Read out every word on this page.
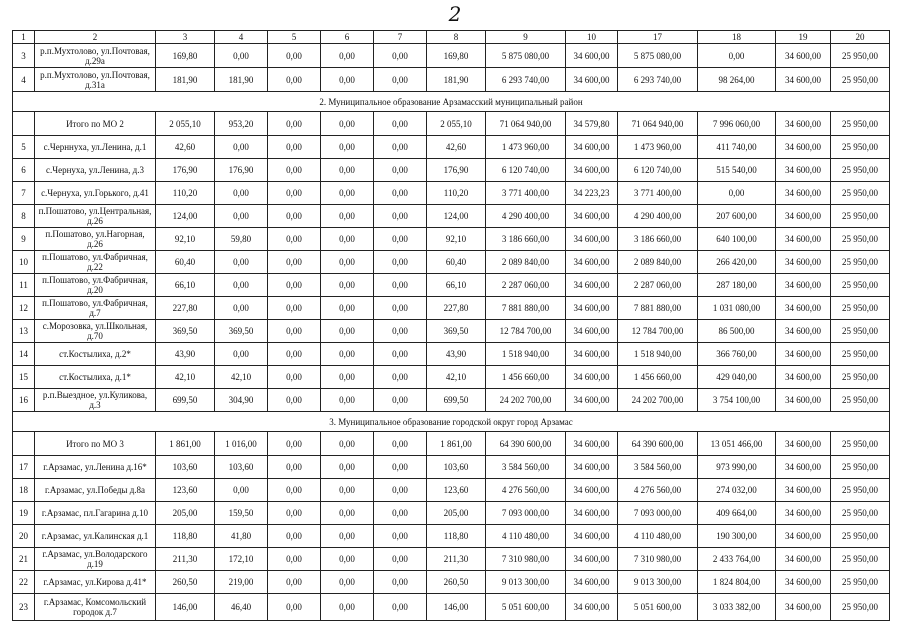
2
1	2	3	4	5	6	7	8	9	10	17	18	19	20
3	р.п.Мухтолово, ул.Почтовая, д.29а	169,80	0,00	0,00	0,00	0,00	169,80	5 875 080,00	34 600,00	5 875 080,00	0,00	34 600,00	25 950,00
4	р.п.Мухтолово, ул.Почтовая, д.31а	181,90	181,90	0,00	0,00	0,00	181,90	6 293 740,00	34 600,00	6 293 740,00	98 264,00	34 600,00	25 950,00
2. Муниципальное образование Арзамасский муниципальный район													
	Итого по МО 2	2 055,10	953,20	0,00	0,00	0,00	2 055,10	71 064 940,00	34 579,80	71 064 940,00	7 996 060,00	34 600,00	25 950,00
5	с.Черннуха, ул.Ленина, д.1	42,60	0,00	0,00	0,00	0,00	42,60	1 473 960,00	34 600,00	1 473 960,00	411 740,00	34 600,00	25 950,00
6	с.Чернуха, ул.Ленина, д.3	176,90	176,90	0,00	0,00	0,00	176,90	6 120 740,00	34 600,00	6 120 740,00	515 540,00	34 600,00	25 950,00
7	с.Чернуха, ул.Горького, д.41	110,20	0,00	0,00	0,00	0,00	110,20	3 771 400,00	34 223,23	3 771 400,00	0,00	34 600,00	25 950,00
8	п.Пошатово, ул.Центральная, д.26	124,00	0,00	0,00	0,00	0,00	124,00	4 290 400,00	34 600,00	4 290 400,00	207 600,00	34 600,00	25 950,00
9	п.Пошатово, ул.Нагорная, д.26	92,10	59,80	0,00	0,00	0,00	92,10	3 186 660,00	34 600,00	3 186 660,00	640 100,00	34 600,00	25 950,00
10	п.Пошатово, ул.Фабричная, д.22	60,40	0,00	0,00	0,00	0,00	60,40	2 089 840,00	34 600,00	2 089 840,00	266 420,00	34 600,00	25 950,00
11	п.Пошатово, ул.Фабричная, д.20	66,10	0,00	0,00	0,00	0,00	66,10	2 287 060,00	34 600,00	2 287 060,00	287 180,00	34 600,00	25 950,00
12	п.Пошатово, ул.Фабричная, д.7	227,80	0,00	0,00	0,00	0,00	227,80	7 881 880,00	34 600,00	7 881 880,00	1 031 080,00	34 600,00	25 950,00
13	с.Морозовка, ул.Школьная, д.70	369,50	369,50	0,00	0,00	0,00	369,50	12 784 700,00	34 600,00	12 784 700,00	86 500,00	34 600,00	25 950,00
14	ст.Костылиха, д.2*	43,90	0,00	0,00	0,00	0,00	43,90	1 518 940,00	34 600,00	1 518 940,00	366 760,00	34 600,00	25 950,00
15	ст.Костылиха, д.1*	42,10	42,10	0,00	0,00	0,00	42,10	1 456 660,00	34 600,00	1 456 660,00	429 040,00	34 600,00	25 950,00
16	р.п.Выездное, ул.Куликова, д.3	699,50	304,90	0,00	0,00	0,00	699,50	24 202 700,00	34 600,00	24 202 700,00	3 754 100,00	34 600,00	25 950,00
3. Муниципальное образование городской округ город Арзамас													
	Итого по МО 3	1 861,00	1 016,00	0,00	0,00	0,00	1 861,00	64 390 600,00	34 600,00	64 390 600,00	13 051 466,00	34 600,00	25 950,00
17	г.Арзамас, ул.Ленина д.16*	103,60	103,60	0,00	0,00	0,00	103,60	3 584 560,00	34 600,00	3 584 560,00	973 990,00	34 600,00	25 950,00
18	г.Арзамас, ул.Победы д.8а	123,60	0,00	0,00	0,00	0,00	123,60	4 276 560,00	34 600,00	4 276 560,00	274 032,00	34 600,00	25 950,00
19	г.Арзамас, пл.Гагарина д.10	205,00	159,50	0,00	0,00	0,00	205,00	7 093 000,00	34 600,00	7 093 000,00	409 664,00	34 600,00	25 950,00
20	г.Арзамас, ул.Калинская д.1	118,80	41,80	0,00	0,00	0,00	118,80	4 110 480,00	34 600,00	4 110 480,00	190 300,00	34 600,00	25 950,00
21	г.Арзамас, ул.Володарского д.19	211,30	172,10	0,00	0,00	0,00	211,30	7 310 980,00	34 600,00	7 310 980,00	2 433 764,00	34 600,00	25 950,00
22	г.Арзамас, ул.Кирова д.41*	260,50	219,00	0,00	0,00	0,00	260,50	9 013 300,00	34 600,00	9 013 300,00	1 824 804,00	34 600,00	25 950,00
23	г.Арзамас, Комсомольский городок д.7	146,00	46,40	0,00	0,00	0,00	146,00	5 051 600,00	34 600,00	5 051 600,00	3 033 382,00	34 600,00	25 950,00
